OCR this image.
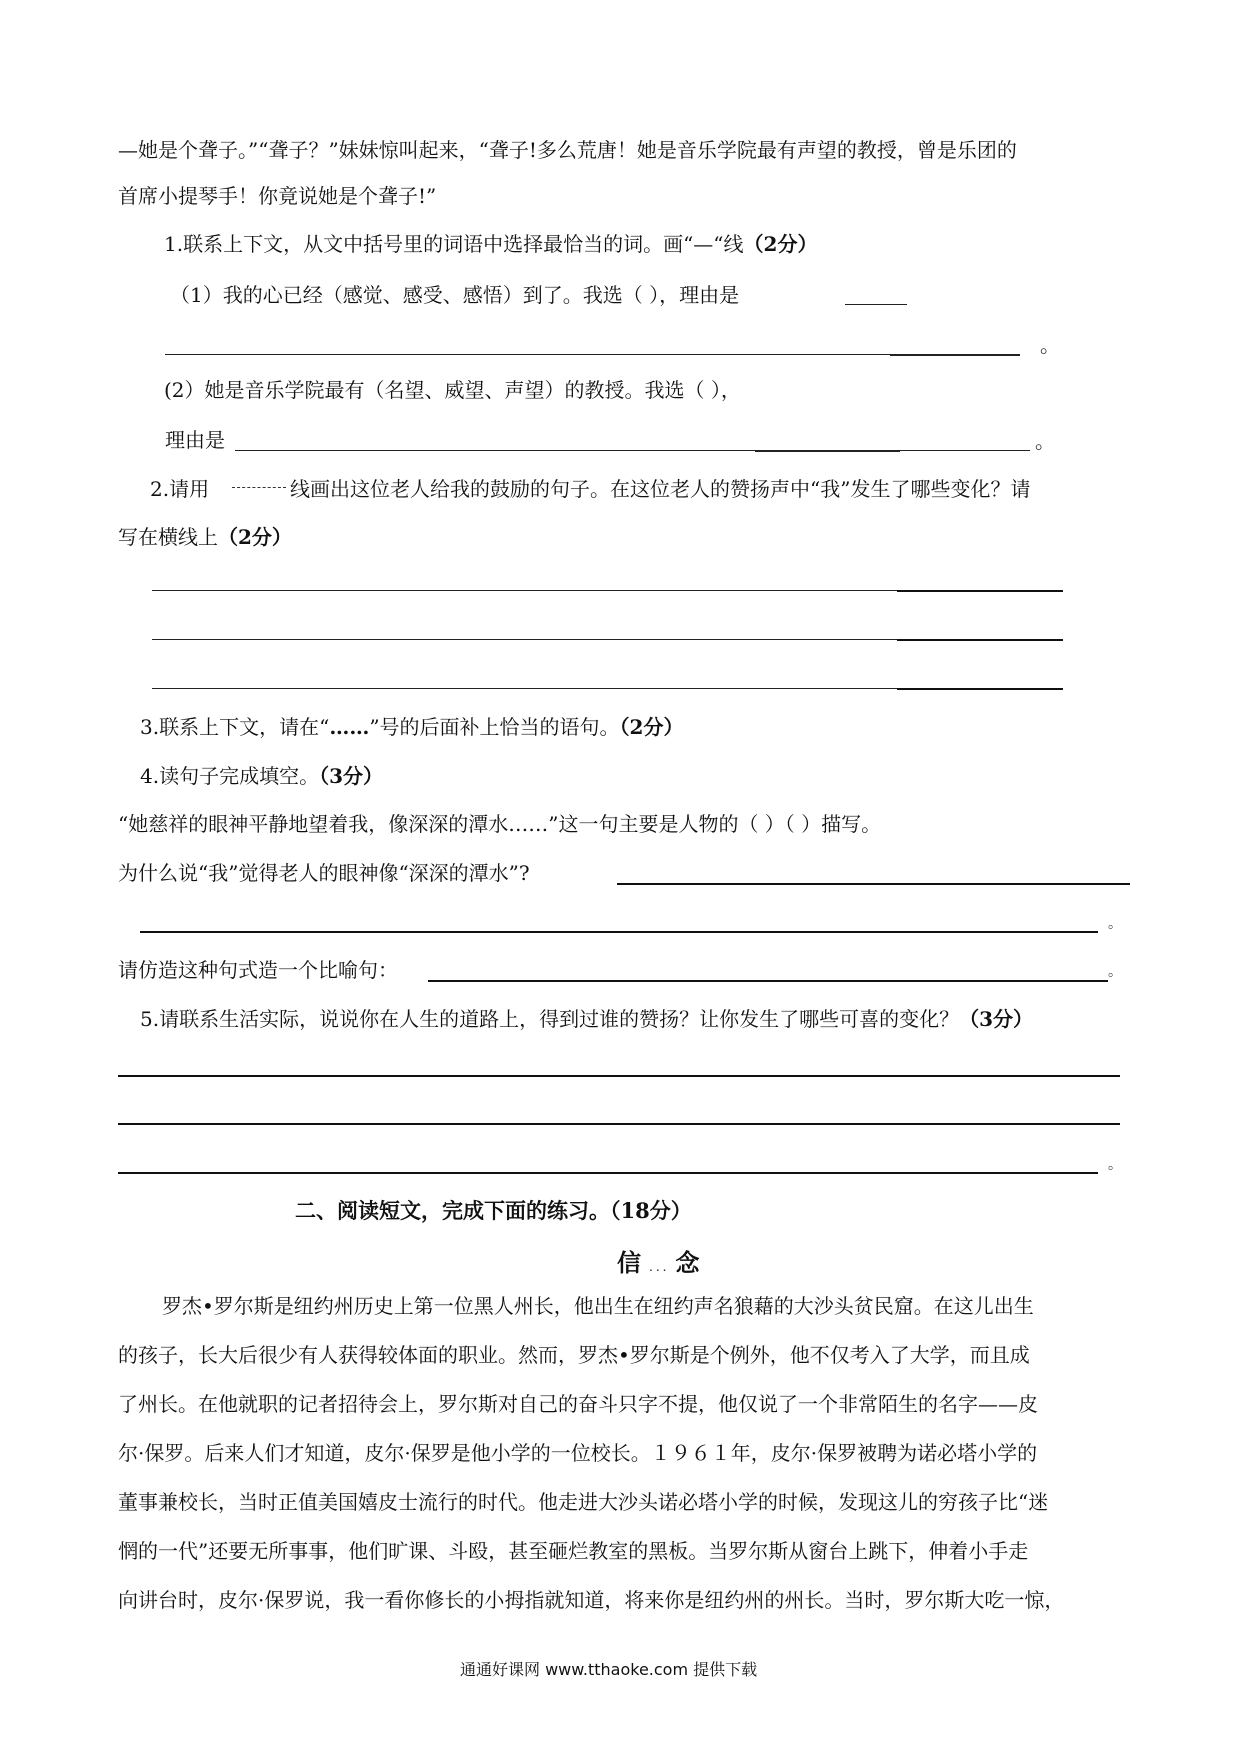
—她是个聋子。”“聋子？”妹妹惊叫起来，“聋子!多么荒唐！她是音乐学院最有声望的教授，曾是乐团的
首席小提琴手！你竟说她是个聋子!”
1.联系上下文，从文中括号里的词语中选择最恰当的词。画“—“线（2分）
（1）我的心已经（感觉、感受、感悟）到了。我选（ ），理由是
。
(2）她是音乐学院最有（名望、威望、声望）的教授。我选（ ），
理由是	。
2.请用	线画出这位老人给我的鼓励的句子。在这位老人的赞扬声中“我”发生了哪些变化？请
写在横线上（2分）
3.联系上下文，请在“……”号的后面补上恰当的语句。（2分）
4.读句子完成填空。（3分）
“她慈祥的眼神平静地望着我，像深深的潭水……”这一句主要是人物的（ ）（ ）描写。
为什么说“我”觉得老人的眼神像“深深的潭水”?
。
请仿造这种句式造一个比喻句：	。
5.请联系生活实际，说说你在人生的道路上，得到过谁的赞扬？让你发生了哪些可喜的变化？（3分）
。
二、阅读短文，完成下面的练习。（18分）
信 ... 念
罗杰•罗尔斯是纽约州历史上第一位黑人州长，他出生在纽约声名狼藉的大沙头贫民窟。在这儿出生
的孩子，长大后很少有人获得较体面的职业。然而，罗杰•罗尔斯是个例外，他不仅考入了大学，而且成
了州长。在他就职的记者招待会上，罗尔斯对自己的奋斗只字不提，他仅说了一个非常陌生的名字——皮
尔·保罗。后来人们才知道，皮尔·保罗是他小学的一位校长。１９６１年，皮尔·保罗被聘为诺必塔小学的
董事兼校长，当时正值美国嬉皮士流行的时代。他走进大沙头诺必塔小学的时候，发现这儿的穷孩子比“迷
惘的一代”还要无所事事，他们旷课、斗殴，甚至砸烂教室的黑板。当罗尔斯从窗台上跳下，伸着小手走
向讲台时，皮尔·保罗说，我一看你修长的小拇指就知道，将来你是纽约州的州长。当时，罗尔斯大吃一惊，
通通好课网 www.tthaoke.com 提供下载
